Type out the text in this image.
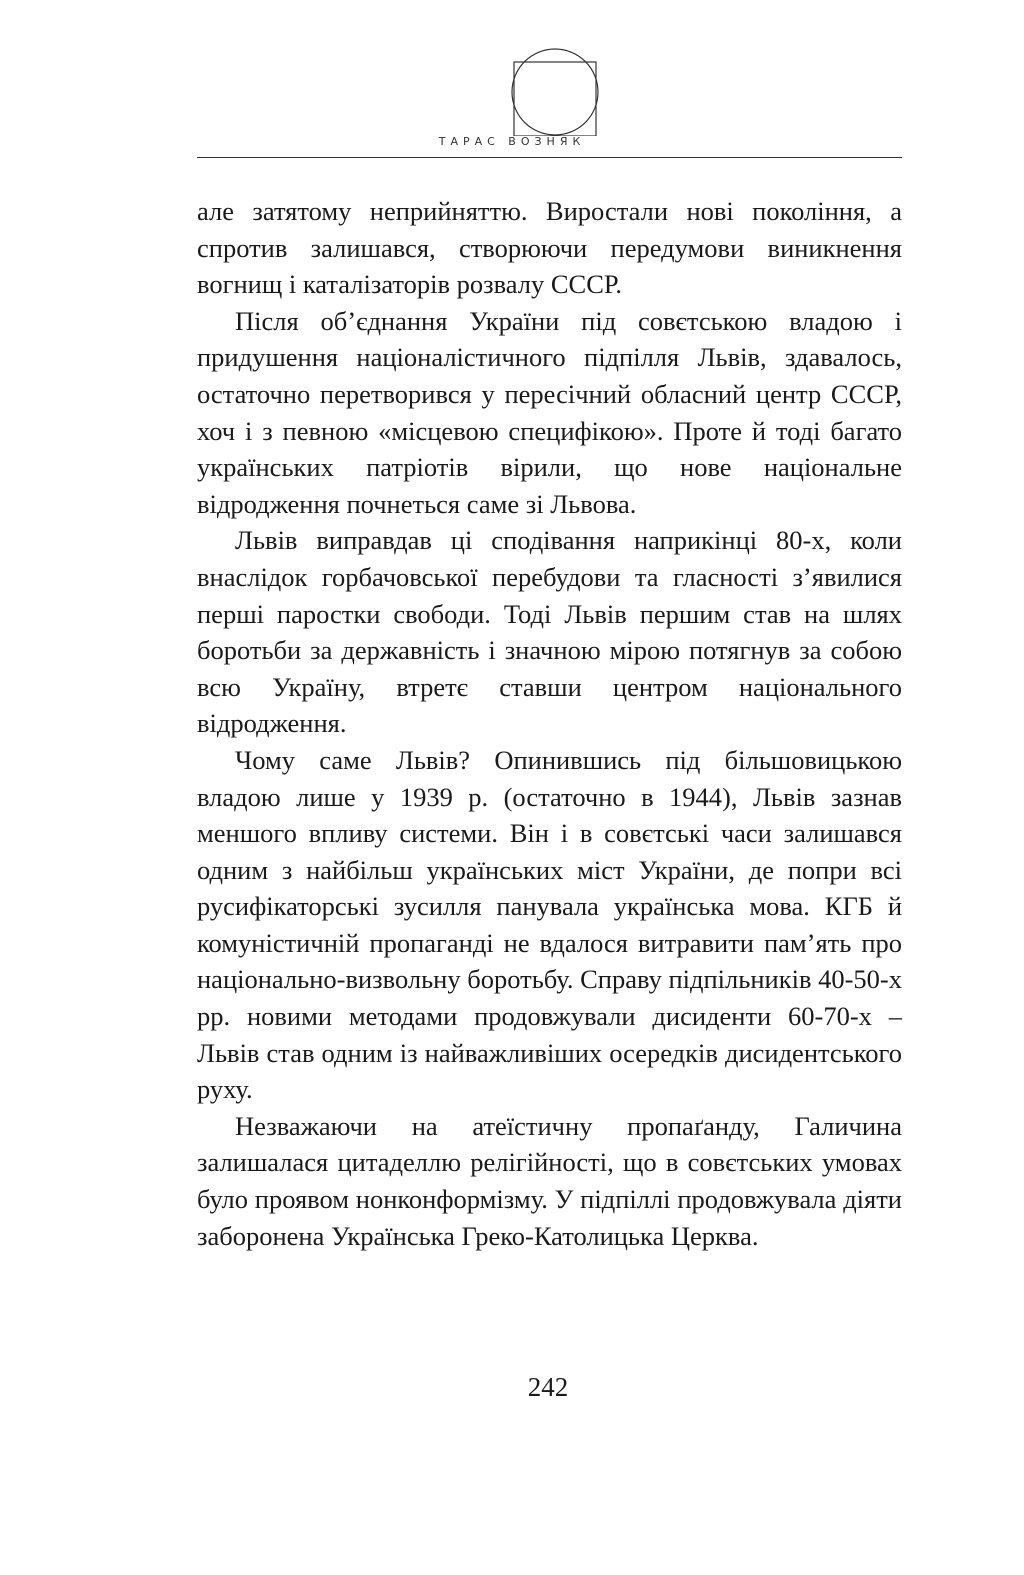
ТАРАС ВОЗНЯК

але затятому неприйняттю. Виростали нові покоління, а спротив залишався, створюючи передумови виникнення вогнищ і каталізаторів розвалу СССР.

Після об’єднання України під совєтською владою і придушення націоналістичного підпілля Львів, здавалось, остаточно перетворився у пересічний обласний центр СССР, хоч і з певною «місцевою специфікою». Проте й тоді багато українських патріотів вірили, що нове національне відродження почнеться саме зі Львова.

Львів виправдав ці сподівання наприкінці 80-х, коли внаслідок горбачовської перебудови та гласності з’явилися перші паростки свободи. Тоді Львів першим став на шлях боротьби за державність і значною мірою потягнув за собою всю Україну, втретє ставши центром національного відродження.

Чому саме Львів? Опинившись під більшовицькою владою лише у 1939 р. (остаточно в 1944), Львів зазнав меншого впливу системи. Він і в совєтські часи залишався одним з найбільш українських міст України, де попри всі русифікаторські зусилля панувала українська мова. КГБ й комуністичній пропаганді не вдалося витравити пам’ять про національно-визвольну боротьбу. Справу підпільників 40-50-х рр. новими методами продовжували дисиденти 60-70-х – Львів став одним із найважливіших осередків дисидентського руху.

Незважаючи на атеїстичну пропаґанду, Галичина залишалася цитаделлю релігійності, що в совєтських умовах було проявом нонконформізму. У підпіллі продовжувала діяти заборонена Українська Греко-Католицька Церква.

242
